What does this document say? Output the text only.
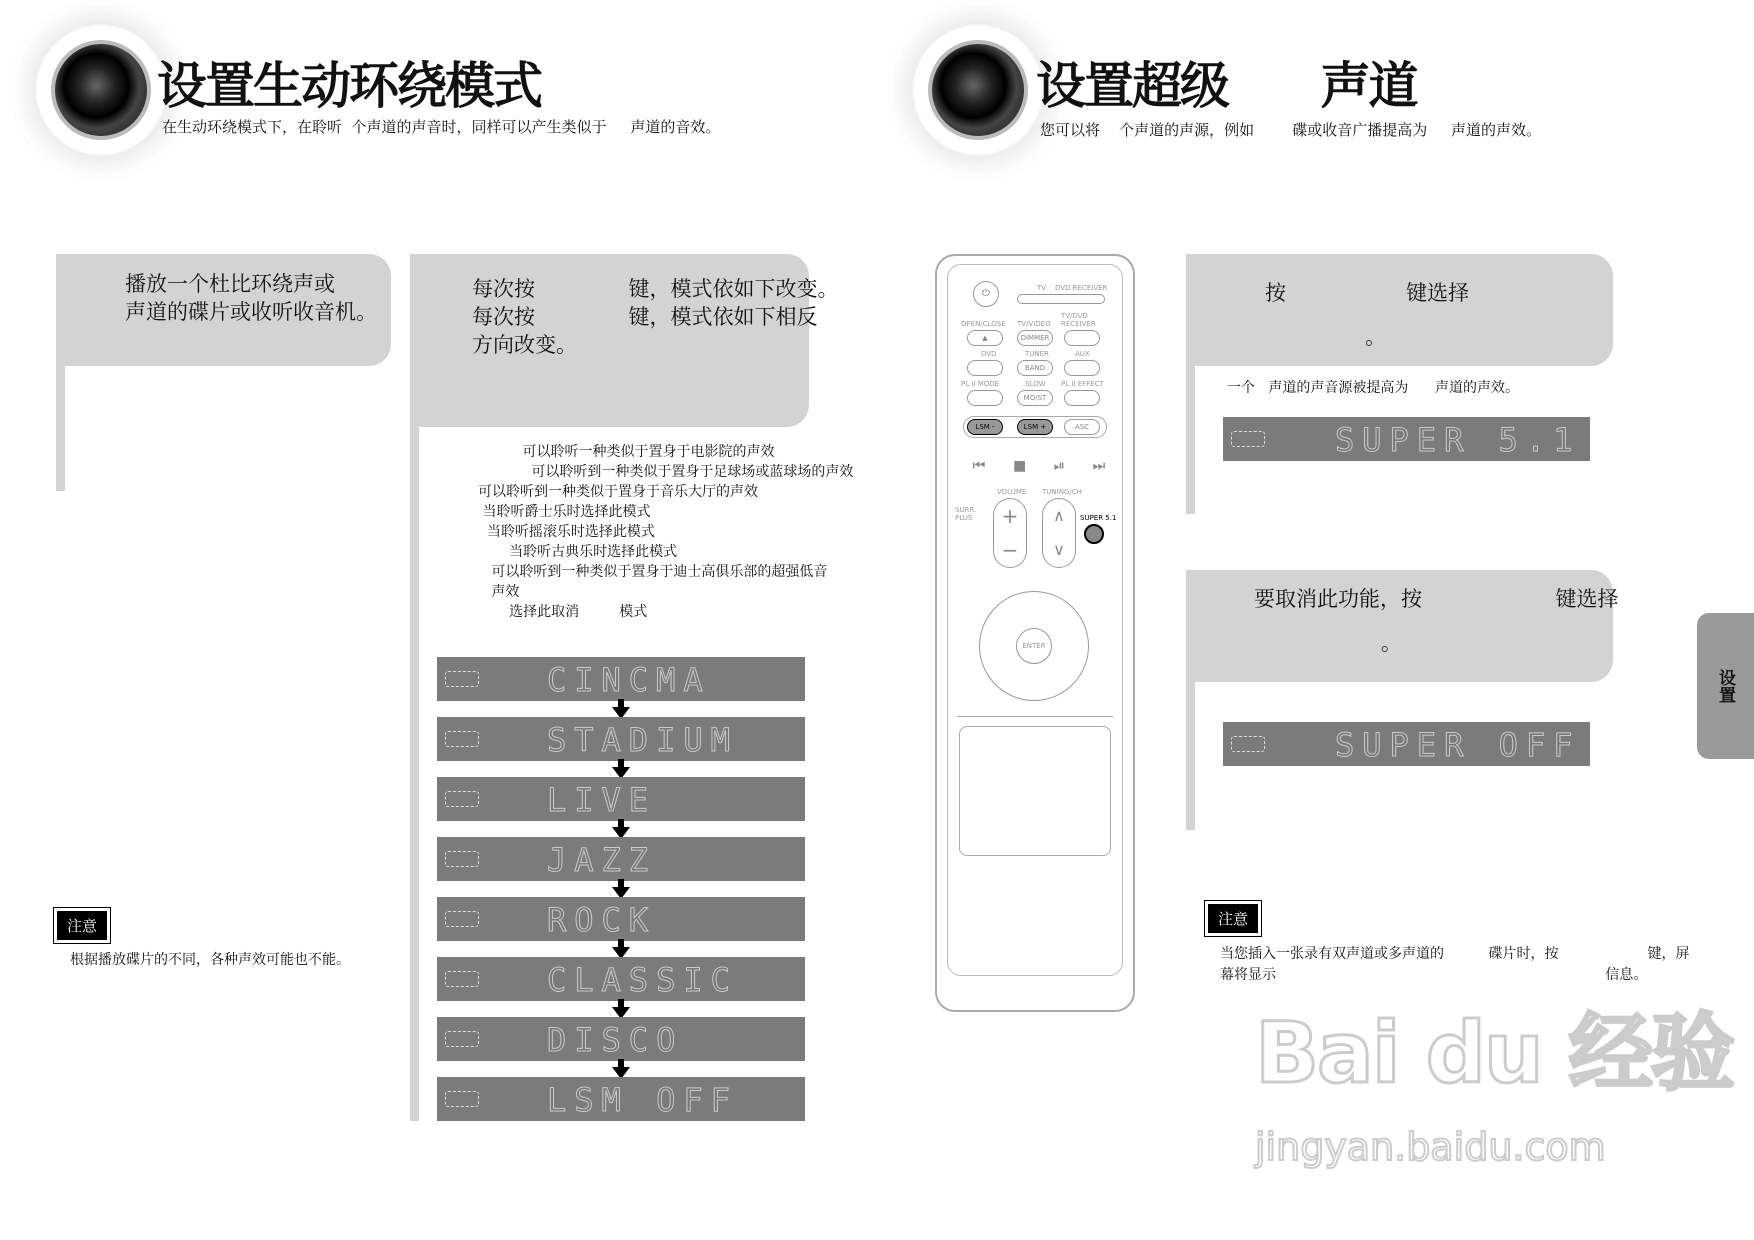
设置生动环绕模式
在生动环绕模式下，在聆听  个声道的声音时，同样可以产生类似于     声道的音效。
播放一个杜比环绕声或
声道的碟片或收听收音机。
每次按              键，模式依如下改变。
每次按              键，模式依如下相反
方向改变。
可以聆听一种类似于置身于电影院的声效
可以聆听到一种类似于置身于足球场或蓝球场的声效
可以聆听到一种类似于置身于音乐大厅的声效
当聆听爵士乐时选择此模式
当聆听摇滚乐时选择此模式
当聆听古典乐时选择此模式
可以聆听到一种类似于置身于迪士高俱乐部的超强低音
声效
选择此取消         模式
CINCMA
STADIUM
LIVE
JAZZ
ROCK
CLASSIC
DISCO
LSM OFF
注意
根据播放碟片的不同，各种声效可能也不能。
⏻	TV DVD RECEIVER
OPEN/CLOSE TV/VIDEO
TV/DVD RECEIVER
▲	DIMMER
DVD	TUNER	AUX
BAND
PL II MODE	SLOW PL II EFFECT
MO/ST
LSM -	LSM +	ASC
⏮ ■ ⏯ ⏭
VOLUME TUNING/CH
+
−
∧
∨
SURR. PLUS	SUPER 5.1
ENTER
设置超级      声道
您可以将    个声道的声源，例如        碟或收音广播提高为     声道的声效。
按                  键选择

。
一个   声道的声音源被提高为      声道的声效。
SUPER 5.1
要取消此功能，按                    键选择

。
SUPER OFF
注意
当您插入一张录有双声道或多声道的          碟片时，按                    键，屏
幕将显示                                                                          信息。
设置
Bai du 经验
jingyan.baidu.com
